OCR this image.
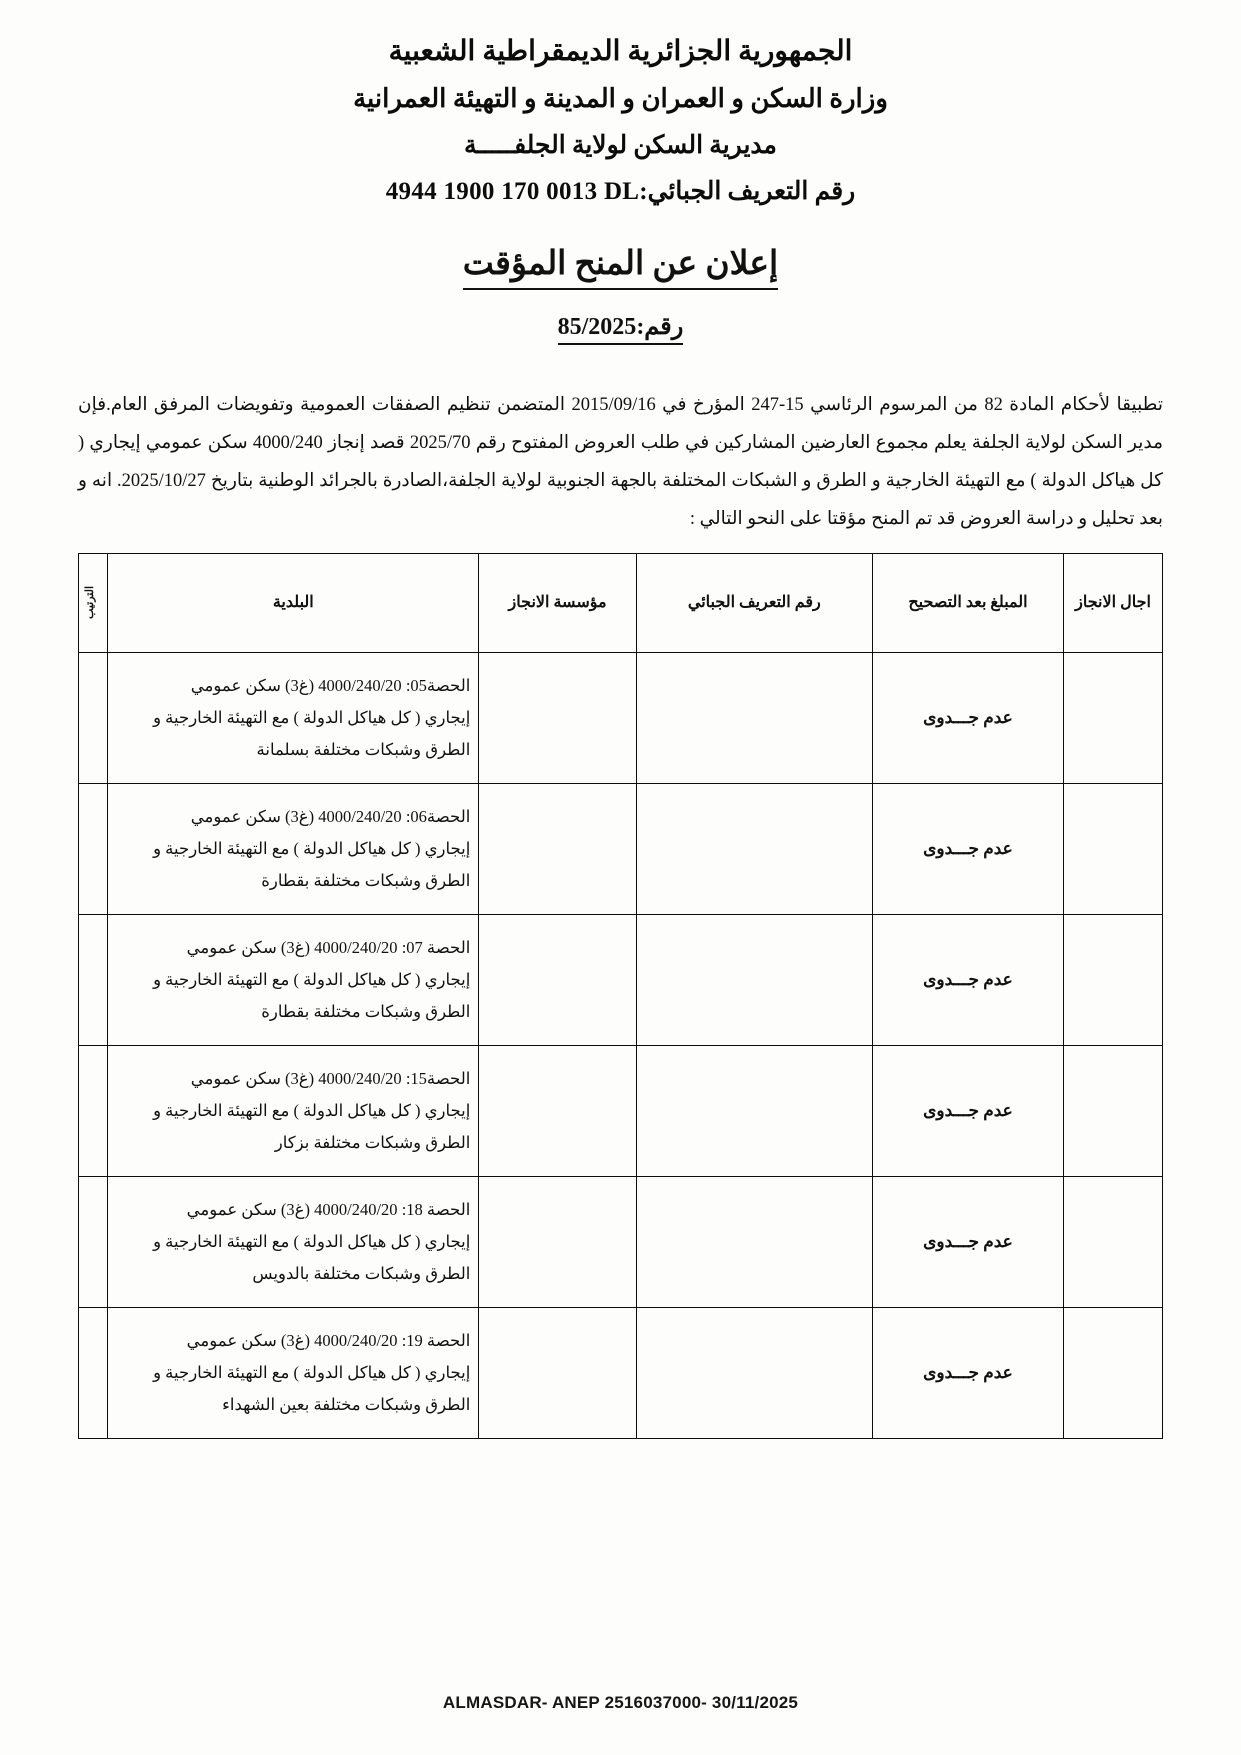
الجمهورية الجزائرية الديمقراطية الشعبية
وزارة السكن و العمران و المدينة و التهيئة العمرانية
مديرية السكن لولاية الجلفـــــة
رقم التعريف الجبائي:DL 4944 1900 170 0013
إعلان عن المنح المؤقت
رقم:85/2025

تطبيقا لأحكام المادة 82 من المرسوم الرئاسي 15-247 المؤرخ في 2015/09/16 المتضمن تنظيم الصفقات العمومية وتفويضات المرفق العام.فإن مدير السكن لولاية الجلفة يعلم مجموع العارضين المشاركين في طلب العروض المفتوح رقم 2025/70 قصد إنجاز 4000/240 سكن عمومي إيجاري ( كل هياكل الدولة ) مع التهيئة الخارجية و الطرق و الشبكات المختلفة بالجهة الجنوبية لولاية الجلفة،الصادرة بالجرائد الوطنية بتاريخ 2025/10/27. انه و بعد تحليل و دراسة العروض قد تم المنح مؤقتا على النحو التالي :

اجال الانجاز	المبلغ بعد التصحيح	رقم التعريف الجبائي	مؤسسة الانجاز	البلدية	الترتيب

	عدم جـــدوى			الحصة05: 4000/240/20 (غ3) سكن عمومي
إيجاري ( كل هياكل الدولة ) مع التهيئة الخارجية و
الطرق وشبكات مختلفة بسلمانة	

	عدم جـــدوى			الحصة06: 4000/240/20 (غ3) سكن عمومي
إيجاري ( كل هياكل الدولة ) مع التهيئة الخارجية و
الطرق وشبكات مختلفة بقطارة	

	عدم جـــدوى			الحصة 07: 4000/240/20 (غ3) سكن عمومي
إيجاري ( كل هياكل الدولة ) مع التهيئة الخارجية و
الطرق وشبكات مختلفة بقطارة	

	عدم جـــدوى			الحصة15: 4000/240/20 (غ3) سكن عمومي
إيجاري ( كل هياكل الدولة ) مع التهيئة الخارجية و
الطرق وشبكات مختلفة بزكار	

	عدم جـــدوى			الحصة 18: 4000/240/20 (غ3) سكن عمومي
إيجاري ( كل هياكل الدولة ) مع التهيئة الخارجية و
الطرق وشبكات مختلفة بالدويس	

	عدم جـــدوى			الحصة 19: 4000/240/20 (غ3) سكن عمومي
إيجاري ( كل هياكل الدولة ) مع التهيئة الخارجية و
الطرق وشبكات مختلفة بعين الشهداء	

ALMASDAR- ANEP 2516037000- 30/11/2025
